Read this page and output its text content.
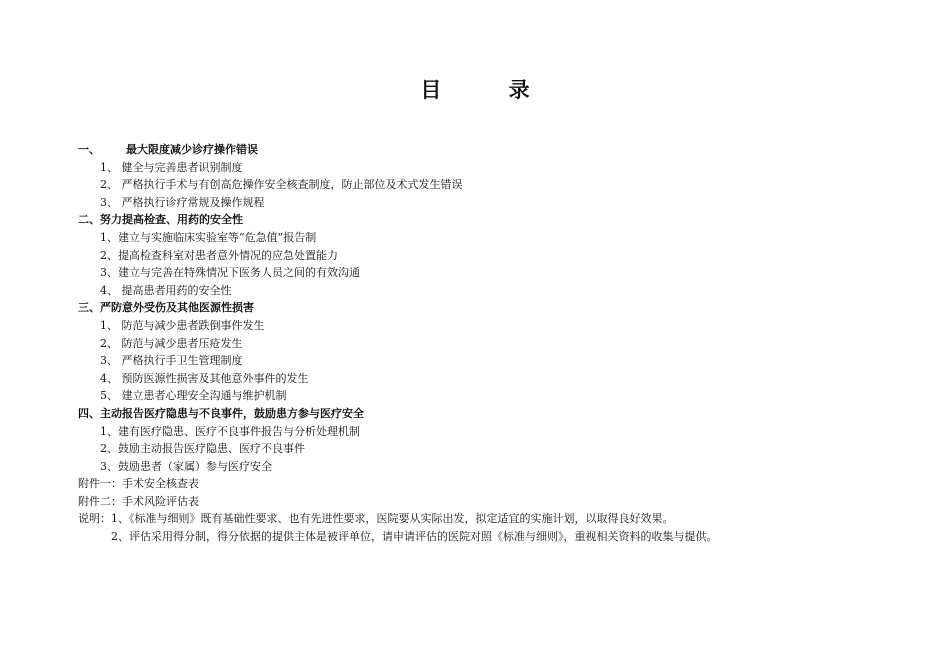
目 录
一、 最大限度减少诊疗操作错误
1、 健全与完善患者识别制度
2、 严格执行手术与有创高危操作安全核查制度，防止部位及术式发生错误
3、 严格执行诊疗常规及操作规程
二、努力提高检查、用药的安全性
1、建立与实施临床实验室等“危急值”报告制
2、提高检查科室对患者意外情况的应急处置能力
3、建立与完善在特殊情况下医务人员之间的有效沟通
4、 提高患者用药的安全性
三、严防意外受伤及其他医源性损害
1、 防范与减少患者跌倒事件发生
2、 防范与减少患者压疮发生
3、 严格执行手卫生管理制度
4、 预防医源性损害及其他意外事件的发生
5、 建立患者心理安全沟通与维护机制
四、主动报告医疗隐患与不良事件，鼓励患方参与医疗安全
1、建有医疗隐患、医疗不良事件报告与分析处理机制
2、鼓励主动报告医疗隐患、医疗不良事件
3、鼓励患者（家属）参与医疗安全
附件一：手术安全核查表
附件二：手术风险评估表
说明：1、《标准与细则》既有基础性要求、也有先进性要求，医院要从实际出发，拟定适宜的实施计划，以取得良好效果。
2、评估采用得分制，得分依据的提供主体是被评单位，请申请评估的医院对照《标准与细则》，重视相关资料的收集与提供。
